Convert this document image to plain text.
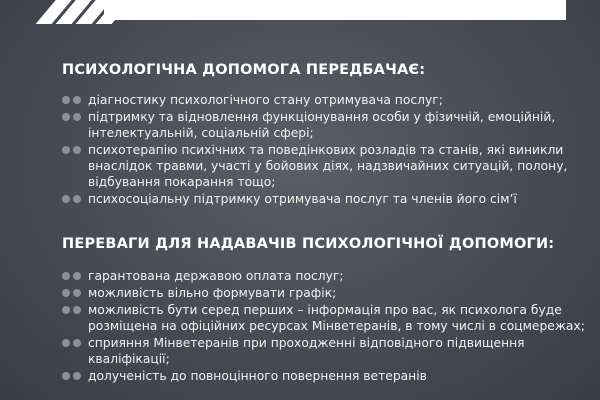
ПСИХОЛОГІЧНА ДОПОМОГА ПЕРЕДБАЧАЄ:
діагностику психологічного стану отримувача послуг;
підтримку та відновлення функціонування особи у фізичній, емоційній, інтелектуальній, соціальній сфері;
психотерапію психічних та поведінкових розладів та станів, які виникли внаслідок травми, участі у бойових діях, надзвичайних ситуацій, полону, відбування покарання тощо;
психосоціальну підтримку отримувача послуг та членів його сім’ї
ПЕРЕВАГИ ДЛЯ НАДАВАЧІВ ПСИХОЛОГІЧНОЇ ДОПОМОГИ:
гарантована державою оплата послуг;
можливість вільно формувати графік;
можливість бути серед перших – інформація про вас, як психолога буде розміщена на офіційних ресурсах Мінветеранів, в тому числі в соцмережах;
сприяння Мінветеранів при проходженні відповідного підвищення кваліфікації;
долученість до повноцінного повернення ветеранів
